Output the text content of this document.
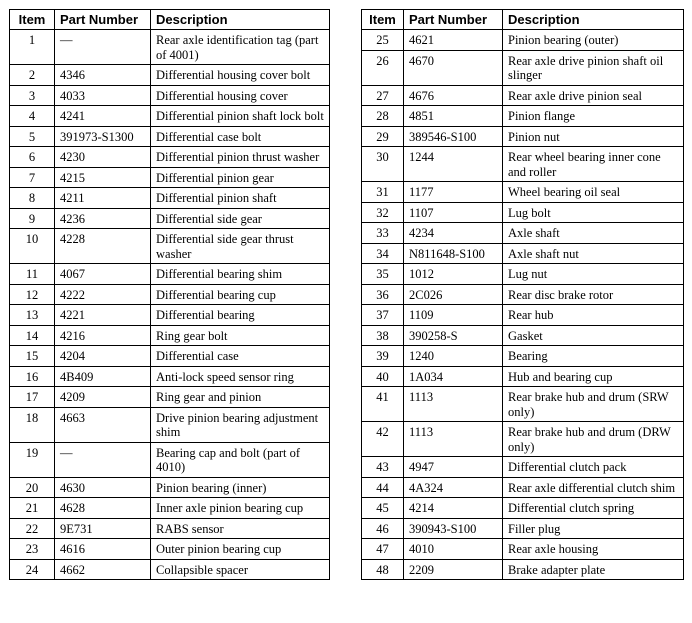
Item	Part Number	Description
1	—	Rear axle identification tag (part of 4001)
2	4346	Differential housing cover bolt
3	4033	Differential housing cover
4	4241	Differential pinion shaft lock bolt
5	391973-S1300	Differential case bolt
6	4230	Differential pinion thrust washer
7	4215	Differential pinion gear
8	4211	Differential pinion shaft
9	4236	Differential side gear
10	4228	Differential side gear thrust washer
11	4067	Differential bearing shim
12	4222	Differential bearing cup
13	4221	Differential bearing
14	4216	Ring gear bolt
15	4204	Differential case
16	4B409	Anti-lock speed sensor ring
17	4209	Ring gear and pinion
18	4663	Drive pinion bearing adjustment shim
19	—	Bearing cap and bolt (part of 4010)
20	4630	Pinion bearing (inner)
21	4628	Inner axle pinion bearing cup
22	9E731	RABS sensor
23	4616	Outer pinion bearing cup
24	4662	Collapsible spacer
Item	Part Number	Description
25	4621	Pinion bearing (outer)
26	4670	Rear axle drive pinion shaft oil slinger
27	4676	Rear axle drive pinion seal
28	4851	Pinion flange
29	389546-S100	Pinion nut
30	1244	Rear wheel bearing inner cone and roller
31	1177	Wheel bearing oil seal
32	1107	Lug bolt
33	4234	Axle shaft
34	N811648-S100	Axle shaft nut
35	1012	Lug nut
36	2C026	Rear disc brake rotor
37	1109	Rear hub
38	390258-S	Gasket
39	1240	Bearing
40	1A034	Hub and bearing cup
41	1113	Rear brake hub and drum (SRW only)
42	1113	Rear brake hub and drum (DRW only)
43	4947	Differential clutch pack
44	4A324	Rear axle differential clutch shim
45	4214	Differential clutch spring
46	390943-S100	Filler plug
47	4010	Rear axle housing
48	2209	Brake adapter plate
